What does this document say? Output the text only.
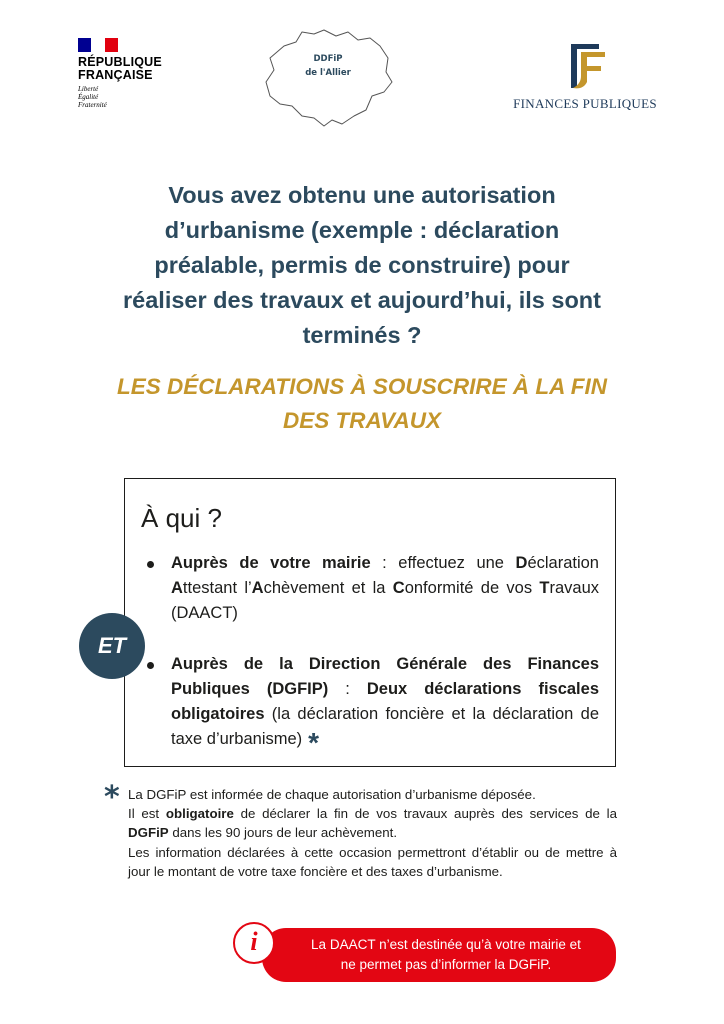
RÉPUBLIQUE
FRANÇAISE
Liberté
Égalité
Fraternité
DDFiP
de l'Allier
FINANCES PUBLIQUES
Vous avez obtenu une autorisation d’urbanisme (exemple : déclaration préalable, permis de construire) pour réaliser des travaux et aujourd’hui, ils sont terminés ?
LES DÉCLARATIONS À SOUSCRIRE À LA FIN DES TRAVAUX
À qui ?
Auprès de votre mairie : effectuez une Déclaration Attestant l’Achèvement et la Conformité de vos Travaux (DAACT)
Auprès de la Direction Générale des Finances Publiques (DGFIP) : Deux déclarations fiscales obligatoires (la déclaration foncière et la déclaration de taxe d’urbanisme) *
ET
* La DGFiP est informée de chaque autorisation d’urbanisme déposée.
Il est obligatoire de déclarer la fin de vos travaux auprès des services de la DGFiP dans les 90 jours de leur achèvement.
Les information déclarées à cette occasion permettront d’établir ou de mettre à jour le montant de votre taxe foncière et des taxes d’urbanisme.
La DAACT n’est destinée qu’à votre mairie et
ne permet pas d’informer la DGFiP.
i
